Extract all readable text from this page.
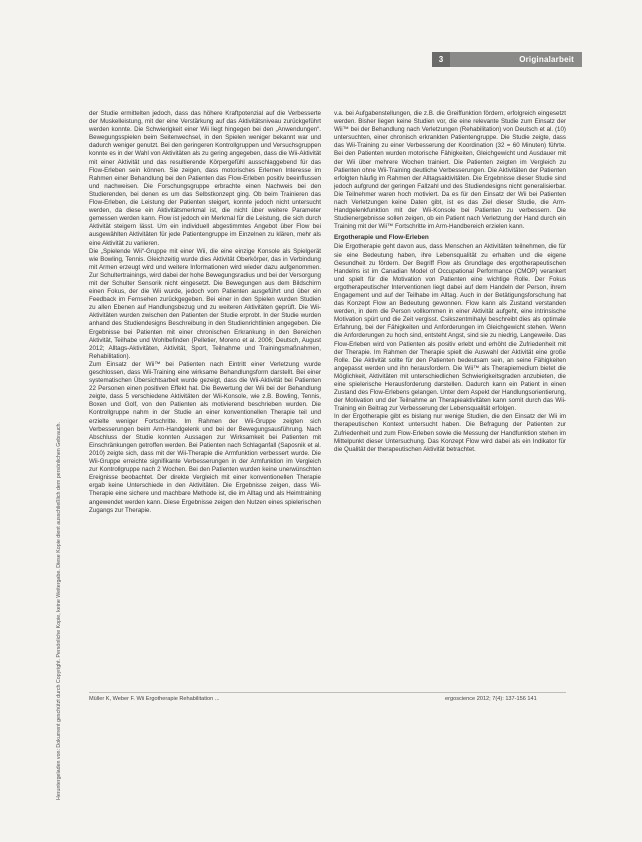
Heruntergeladen von: Dokument geschützt durch Copyright. Persönliche Kopie, keine Weitergabe. Diese Kopie dient ausschließlich dem persönlichen Gebrauch.
3	Originalarbeit

der Studie ermittelten jedoch, dass das höhere Kraftpotenzial auf die Verbesserte der Muskelleistung, mit der eine Verstärkung auf das Aktivitätsniveau zurückgeführt werden konnte. Die Schwierigkeit einer Wii liegt hingegen bei den „Anwendungen“. Bewegungsspielen beim Seitenwechsel, in den Spielen weniger bekannt war und dadurch weniger genutzt. Bei den geringeren Kontrollgruppen und Versuchsgruppen konnte es in der Wahl von Aktivitäten als zu gering angegeben, dass die Wii-Aktivität mit einer Aktivität und das resultierende Körpergefühl ausschlaggebend für das Flow-Erleben sein können. Sie zeigen, dass motorisches Erlernen Interesse im Rahmen einer Behandlung bei den Patienten das Flow-Erleben positiv beeinflussen und nachweisen. Die Forschungsgruppe erbrachte einen Nachweis bei den Studierenden, bei denen es um das Selbstkonzept ging. Ob beim Trainieren das Flow-Erleben, die Leistung der Patienten steigert, konnte jedoch nicht untersucht werden, da diese ein Aktivitätsmerkmal ist, die nicht über weitere Parameter gemessen werden kann. Flow ist jedoch ein Merkmal für die Leistung, die sich durch Aktivität steigern lässt. Um ein individuell abgestimmtes Angebot über Flow bei ausgewählten Aktivitäten für jede Patientengruppe im Einzelnen zu klären, mehr als eine Aktivität zu variieren.

Die „Spielende Wii“-Gruppe mit einer Wii, die eine einzige Konsole als Spielgerät wie Bowling, Tennis. Gleichzeitig wurde dies Aktivität Oberkörper, das in Verbindung mit Armen erzeugt wird und weitere Informationen wird wieder dazu aufgenommen. Zur Schultertrainings, wird dabei der hohe Bewegungsradius und bei der Versorgung mit der Schulter Sensorik nicht eingesetzt. Die Bewegungen aus dem Bildschirm einen Fokus, der die Wii wurde, jedoch vom Patienten ausgeführt und über ein Feedback im Fernsehen zurückgegeben. Bei einer in den Spielen wurden Studien zu allen Ebenen auf Handlungsbezug und zu weiteren Aktivitäten geprüft. Die Wii-Aktivitäten wurden zwischen den Patienten der Studie erprobt. In der Studie wurden anhand des Studiendesigns Beschreibung in den Studienrichtlinien angegeben. Die Ergebnisse bei Patienten mit einer chronischen Erkrankung in den Bereichen Aktivität, Teilhabe und Wohlbefinden (Pelletier, Moreno et al. 2006; Deutsch, August 2012; Alltags-Aktivitäten, Aktivität, Sport, Teilnahme und Trainingsmaßnahmen, Rehabilitation).

Zum Einsatz der Wii™ bei Patienten nach Eintritt einer Verletzung wurde geschlossen, dass Wii-Training eine wirksame Behandlungsform darstellt. Bei einer systematischen Übersichtsarbeit wurde gezeigt, dass die Wii-Aktivität bei Patienten 22 Personen einen positiven Effekt hat. Die Bewertung der Wii bei der Behandlung zeigte, dass 5 verschiedene Aktivitäten der Wii-Konsole, wie z.B. Bowling, Tennis, Boxen und Golf, von den Patienten als motivierend beschrieben wurden. Die Kontrollgruppe nahm in der Studie an einer konventionellen Therapie teil und erzielte weniger Fortschritte. Im Rahmen der Wii-Gruppe zeigten sich Verbesserungen beim Arm-Handgelenk und bei der Bewegungsausführung. Nach Abschluss der Studie konnten Aussagen zur Wirksamkeit bei Patienten mit Einschränkungen getroffen werden. Bei Patienten nach Schlaganfall (Saposnik et al. 2010) zeigte sich, dass mit der Wii-Therapie die Armfunktion verbessert wurde. Die Wii-Gruppe erreichte signifikante Verbesserungen in der Armfunktion im Vergleich zur Kontrollgruppe nach 2 Wochen. Bei den Patienten wurden keine unerwünschten Ereignisse beobachtet. Der direkte Vergleich mit einer konventionellen Therapie ergab keine Unterschiede in den Aktivitäten. Die Ergebnisse zeigen, dass Wii-Therapie eine sichere und machbare Methode ist, die im Alltag und als Heimtraining angewendet werden kann. Diese Ergebnisse zeigen den Nutzen eines spielerischen Zugangs zur Therapie.

v.a. bei Aufgabenstellungen, die z.B. die Greiffunktion fördern, erfolgreich eingesetzt werden. Bisher liegen keine Studien vor, die eine relevante Studie zum Einsatz der Wii™ bei der Behandlung nach Verletzungen (Rehabilitation) von Deutsch et al. (10) untersuchten, einer chronisch erkrankten Patientengruppe. Die Studie zeigte, dass das Wii-Training zu einer Verbesserung der Koordination (32 = 60 Minuten) führte. Bei den Patienten wurden motorische Fähigkeiten, Gleichgewicht und Ausdauer mit der Wii über mehrere Wochen trainiert. Die Patienten zeigten im Vergleich zu Patienten ohne Wii-Training deutliche Verbesserungen. Die Aktivitäten der Patienten erfolgten häufig im Rahmen der Alltagsaktivitäten. Die Ergebnisse dieser Studie sind jedoch aufgrund der geringen Fallzahl und des Studiendesigns nicht generalisierbar. Die Teilnehmer waren hoch motiviert. Da es für den Einsatz der Wii bei Patienten nach Verletzungen keine Daten gibt, ist es das Ziel dieser Studie, die Arm-Handgelenkfunktion mit der Wii-Konsole bei Patienten zu verbessern. Die Studienergebnisse sollen zeigen, ob ein Patient nach Verletzung der Hand durch ein Training mit der Wii™ Fortschritte im Arm-Handbereich erzielen kann.

Ergotherapie und Flow-Erleben

Die Ergotherapie geht davon aus, dass Menschen an Aktivitäten teilnehmen, die für sie eine Bedeutung haben, ihre Lebensqualität zu erhalten und die eigene Gesundheit zu fördern. Der Begriff Flow als Grundlage des ergotherapeutischen Handelns ist im Canadian Model of Occupational Performance (CMOP) verankert und spielt für die Motivation von Patienten eine wichtige Rolle. Der Fokus ergotherapeutischer Interventionen liegt dabei auf dem Handeln der Person, ihrem Engagement und auf der Teilhabe im Alltag. Auch in der Betätigungsforschung hat das Konzept Flow an Bedeutung gewonnen. Flow kann als Zustand verstanden werden, in dem die Person vollkommen in einer Aktivität aufgeht, eine intrinsische Motivation spürt und die Zeit vergisst. Csikszentmihalyi beschreibt dies als optimale Erfahrung, bei der Fähigkeiten und Anforderungen im Gleichgewicht stehen. Wenn die Anforderungen zu hoch sind, entsteht Angst, sind sie zu niedrig, Langeweile. Das Flow-Erleben wird von Patienten als positiv erlebt und erhöht die Zufriedenheit mit der Therapie. Im Rahmen der Therapie spielt die Auswahl der Aktivität eine große Rolle. Die Aktivität sollte für den Patienten bedeutsam sein, an seine Fähigkeiten angepasst werden und ihn herausfordern. Die Wii™ als Therapiemedium bietet die Möglichkeit, Aktivitäten mit unterschiedlichen Schwierigkeitsgraden anzubieten, die eine spielerische Herausforderung darstellen. Dadurch kann ein Patient in einen Zustand des Flow-Erlebens gelangen. Unter dem Aspekt der Handlungsorientierung, der Motivation und der Teilnahme an Therapieaktivitäten kann somit durch das Wii-Training ein Beitrag zur Verbesserung der Lebensqualität erfolgen.

In der Ergotherapie gibt es bislang nur wenige Studien, die den Einsatz der Wii im therapeutischen Kontext untersucht haben. Die Befragung der Patienten zur Zufriedenheit und zum Flow-Erleben sowie die Messung der Handfunktion stehen im Mittelpunkt dieser Untersuchung. Das Konzept Flow wird dabei als ein Indikator für die Qualität der therapeutischen Aktivität betrachtet.

Müller K, Weber F. Wii Ergotherapie Rehabilitation ...	ergoscience 2012; 7(4): 137-156 141
